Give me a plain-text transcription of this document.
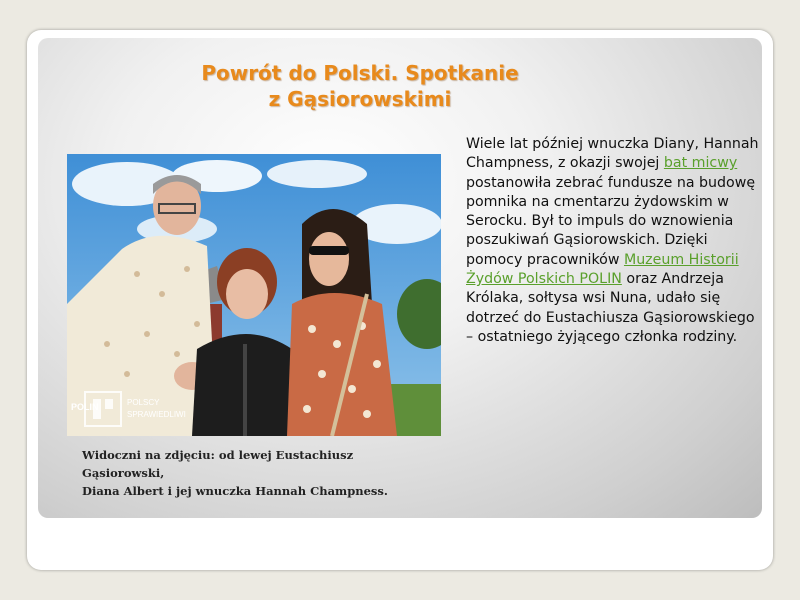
Powrót do Polski. Spotkanie
z Gąsiorowskimi
POLIN	POLSCY
SPRAWIEDLIWI

Widoczni na zdjęciu: od lewej Eustachiusz Gąsiorowski,
Diana Albert i jej wnuczka Hannah Champness.

Wiele lat później wnuczka Diany, Hannah Champness, z okazji swojej bat micwy postanowiła zebrać fundusze na budowę pomnika na cmentarzu żydowskim w Serocku. Był to impuls do wznowienia poszukiwań Gąsiorowskich. Dzięki pomocy pracowników Muzeum Historii Żydów Polskich POLIN oraz Andrzeja Królaka, sołtysa wsi Nuna, udało się dotrzeć do Eustachiusza Gąsiorowskiego – ostatniego żyjącego członka rodziny.
